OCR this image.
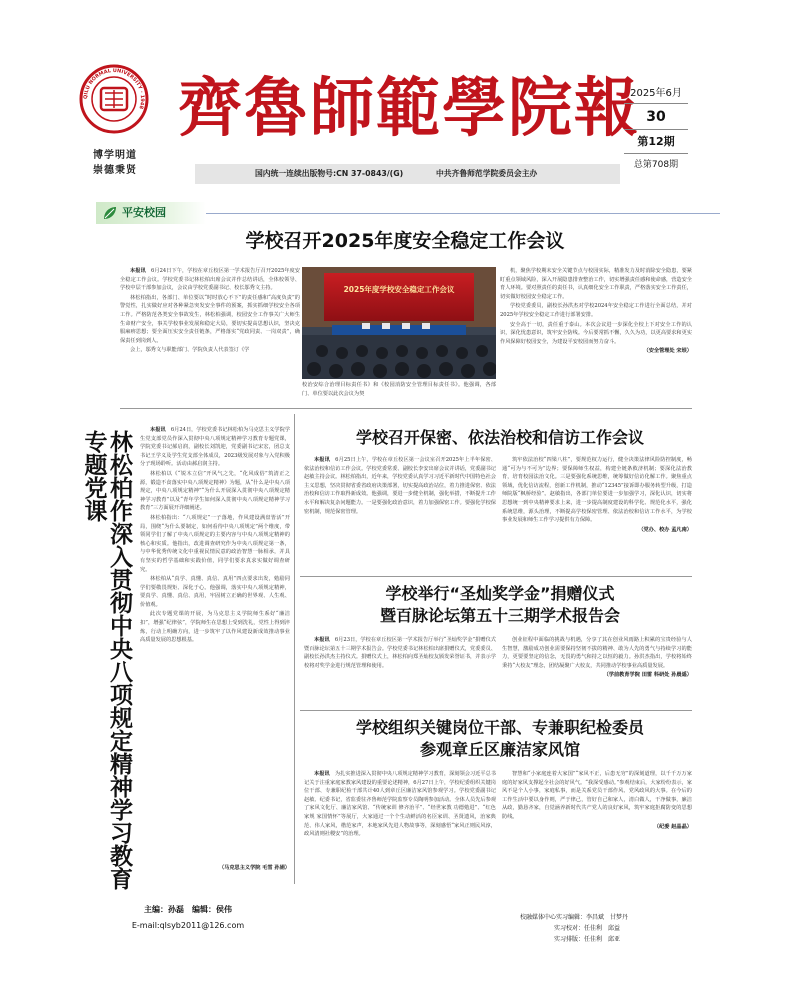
QILU NORMAL UNIVERSITY · 1948 齊魯師範學院報
博学明道
崇德秉贤
2025年6月
30
第12期
总第708期
国内统一连续出版物号:CN 37-0843/(G)	中共齐鲁师范学院委员会主办
平安校园
学校召开2025年度安全稳定工作会议

本报讯　 6月24日下午，学校在章丘校区第一学术报告厅召开2025年度安全稳定工作会议。学校党委书记林松柏出席会议并作总结讲话，全体校领导、学校中层干部参加会议，会议由学校党委副书记、校长邬秀文主持。

林松柏指出，各部门、单位要以“时时放心不下”的责任感和“高度负责”的警觉性，扎实做好应对各种紧急突发安全事件的预案，抓实抓细学校安全各项工作。严格防范各类安全事故发生，林松柏强调，校园安全工作事关广大师生生命财产安全，事关学校事业发展和稳定大局，要切实提高思想认识，坚决克服麻痹思想；要全面压实安全责任链条，严格落实“党政同责、一岗双责”，确保责任到岗到人。

会上，邬秀文与职能部门、学院负责人代表签订《学

2025年度学校安全稳定工作会议
校治安综合治理目标责任书》和《校园消防安全管理目标责任书》。他强调，各部门、单位要以此次会议为契

机，聚焦学校期末安全关键节点与校园实际，精准发力及时消除安全隐患，要紧盯重点领域风险，深入开展隐患排查整治工作，切实增强责任感和使命感，营造安全育人环境。要对照责任的责任书，认真细化安全工作职责，严格落实安全工作责任，切实做好校园安全稳定工作。

学校党委委员，副校长孙洪杰对学校2024年安全稳定工作进行全面总结，并对2025年学校安全稳定工作进行部署安排。

安全高于一切，责任重于泰山。本次会议进一步深化全校上下对安全工作的认识，深化忧患意识，筑牢安全防线。今后要常抓不懈，久久为功，以更高要求和更实作风保障好校园安全，为建设平安校园而努力奋斗。

（安全管理处 宋垠）
林松柏作深入贯彻中央八项规定精神学习教育专题党课	本报讯　 6月24日，学校党委书记林松柏为马克思主义学院学生党支部党员作深入贯彻中央八项规定精神学习教育专题党课，学院党委书记郝启润，副校长刘凯迎，党委副书记宋宏，团总支书记王学义及学生党支部全体成员，2023级发展对象与入党积极分子现场聆听。活动由郝启润主持。

林松柏以《“锐木立信”开风气之先，“化风成俗”筑清正之源，锻造不食落实中央八项规定精神》为题，从“什么是中央八项规定，中央八项规定精神”“为什么开展深入贯彻中央八项规定精神学习教育”以及“青年学生如何深入贯彻中央八项规定精神学习教育”三方面展开详细阐述。

林松柏指出：“八项规定”一子落地，作风建设满盘皆活”开局，围绕“为什么要制定，如何看待中央八项规定”两个维度，带领同学们了解了中央八项规定的主要内容与中央八项规定精神的核心和实质。他指出，改进调查研究作为中央八项规定第一条，与中华优秀传统文化中重视民情民意的政治智慧一脉相承，并具有坚实的哲学基础和实践价值，同学们要求真求实做好调查研究。

林松柏从“真学、真懂、真信、真用”四点要求出发，勉励同学们要敬畏规矩、深化于心。他强调，落实中央八项规定精神，要真学、真懂、真信、真用，牢固树立正确的世界观、人生观、价值观。

此次专题党课的开展，为马克思主义学院师生系好“廉洁扣”，增强“纪律弦”，学院师生在思想上受到洗礼，党性上得到淬炼，行动上明确方向，进一步筑牢了以作风建设新成效推动事业高质量发展的思想根基。

（马克思主义学院 毛雪 孙娟）
学校召开保密、依法治校和信访工作会议

本报讯　 6月25日上午，学校在章丘校区第一会议室召开2025年上半年保密、依法治校和信访工作会议。学校党委常委、副校长李安出席会议并讲话，党委副书记赵敏主持会议。林松柏指出，近年来，学校党委认真学习习近平新时代中国特色社会主义思想，坚决贯彻省委省政府决策部署，切实提高政治站位，着力推进保密、依法治校和信访工作取得新成效。他强调，要进一步健全机制，强化举措，不断提升工作水平和解决复杂问题能力。一是要强化政治意识，着力加强保密工作。要强化学校保密机制，规范保密管理。

筑牢依法治校“四梁八柱”，要规范权力运行，健全决策法律风险防控制度，畅通“可为与不可为”边界；要保障师生权益，构建全链条救济机制；要深化法治教育，培育校园法治文化。三是要强化系统思维，统筹做好信访化解工作。聚焦重点领域，优化信访流程，创新工作机制，推动“12345”接诉即办服务转型升级，打造师院版“枫桥经验”。赵敏指出，各部门单位要进一步加强学习，深化认识，切实将思想统一到中央精神要求上来，进一步提高制度建设的科学化、规范化水平，强化系统思维，源头治理，不断提高学校保密管理、依法治校和信访工作水平，为学校事业发展和师生工作学习提供有力保障。

（党办、校办 孟凡南）
学校举行“圣灿奖学金”捐赠仪式
暨百脉论坛第五十三期学术报告会

本报讯　 6月23日，学校在章丘校区第一学术报告厅举行“圣灿奖学金”捐赠仪式暨百脉论坛第五十三期学术报告会。学校党委书记林松柏出席捐赠仪式，党委委员、副校长孙洪杰主持仪式。捐赠仪式上，林松柏向郑圣灿校友颁发荣誉证书，并表示学校将对奖学金进行规范管理和使用。

创业征程中面临的挑战与机遇，分享了其在创业风雨路上积累的宝贵经验与人生智慧，激励成功创业需要保持坚韧不拔的精神、敢为人先的勇气与持续学习的能力，更要要坚定的信念，无畏的勇气和持之以恒的毅力。孙洪杰指出，学校将始终秉持“大校友”理念，团结凝聚广大校友，共同推动学校事业高质量发展。

（学前教育学院 田雷 科研处 孙晨遥）
学校组织关键岗位干部、专兼职纪检委员
参观章丘区廉洁家风馆

本报讯　 为扎实推进深入贯彻中央八项规定精神学习教育，深刻领会习近平总书记关于注重家庭家教家风建设的重要论述精神，6月27日上午，学校纪委组织关键岗位干部、专兼职纪检干部共计40人到章丘区廉洁家风馆参观学习。学校党委副书记赵敏、纪委书记，省监委驻齐鲁师范学院监察专员陶明参加活动。全体人员先后参观了家风文化厅、廉洁家风馆、“传统家训 修齐治平”、“经世家教 功德勉进”、“红色家规 家国情怀”等展厅，大家通过一个个生动鲜活的名臣家训、圣贤遗风，治家典范、伟人家风，楷范家声，本地家风先进人物故事等，深刻感悟“家风正则民风淳，政风清则社稷安”的治理。

智慧和“小家庭连着大家国”“家风不正，后患无穷”的深刻道理，以千千万万家庭的好家风支撑起全社会的好风气。“我深受感动。”参观结束后，大家纷纷表示，家风不是个人小事，家庭私事，而是关系党员干部作风、党风政风的大事。在今后的工作生活中要以身作则，严于律己，管好自己和家人，清白做人，干净做事，廉洁从政，勤恳齐家，自觉涵养新时代共产党人的良好家风，筑牢家庭拒腐防变的思想防线。

（纪委 赵晶晶）
主编：孙磊　编辑：侯伟
E-mail:qlsyb2011@126.com
校融媒体中心实习编辑：李昌斌　甘梦丹
实习校对：任佳利　邱益
实习排版：任佳利　邱亚
